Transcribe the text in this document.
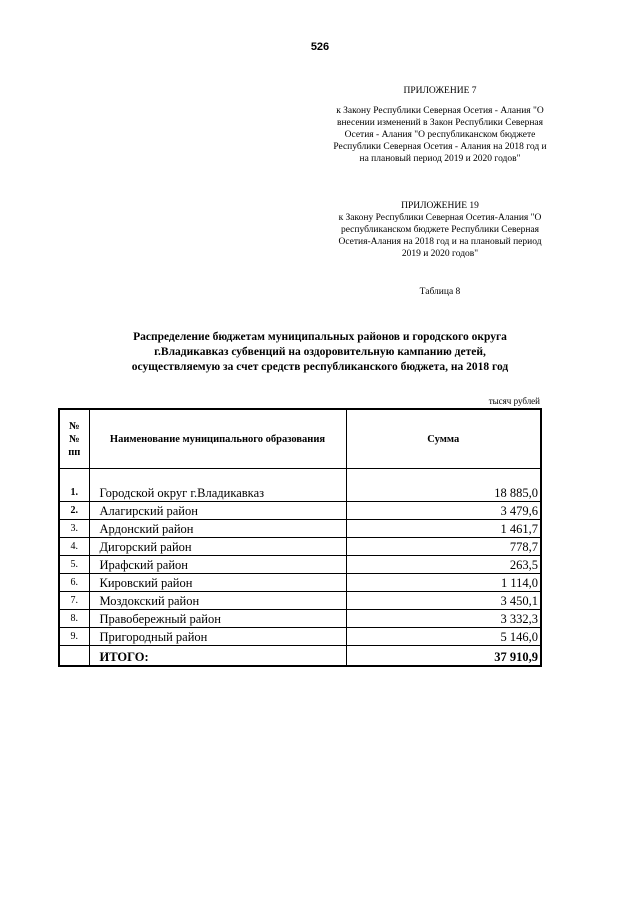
526
ПРИЛОЖЕНИЕ 7
к Закону Республики Северная Осетия - Алания "О внесении изменений в Закон Республики Северная Осетия - Алания "О республиканском бюджете Республики Северная Осетия - Алания на 2018 год и на плановый период 2019 и 2020 годов"
ПРИЛОЖЕНИЕ 19
к Закону Республики Северная Осетия-Алания "О республиканском бюджете Республики Северная Осетия-Алания на 2018 год и на плановый период 2019 и 2020 годов"
Таблица 8
Распределение бюджетам муниципальных районов и городского округа
г.Владикавказ субвенций на оздоровительную кампанию детей,
осуществляемую за счет средств республиканского бюджета, на 2018 год
тысяч рублей
№№ пп	Наименование муниципального образования	Сумма
1.	Городской округ г.Владикавказ	18 885,0
2.	Алагирский район	3 479,6
3.	Ардонский район	1 461,7
4.	Дигорский район	778,7
5.	Ирафский район	263,5
6.	Кировский район	1 114,0
7.	Моздокский район	3 450,1
8.	Правобережный район	3 332,3
9.	Пригородный район	5 146,0
	ИТОГО:	37 910,9
